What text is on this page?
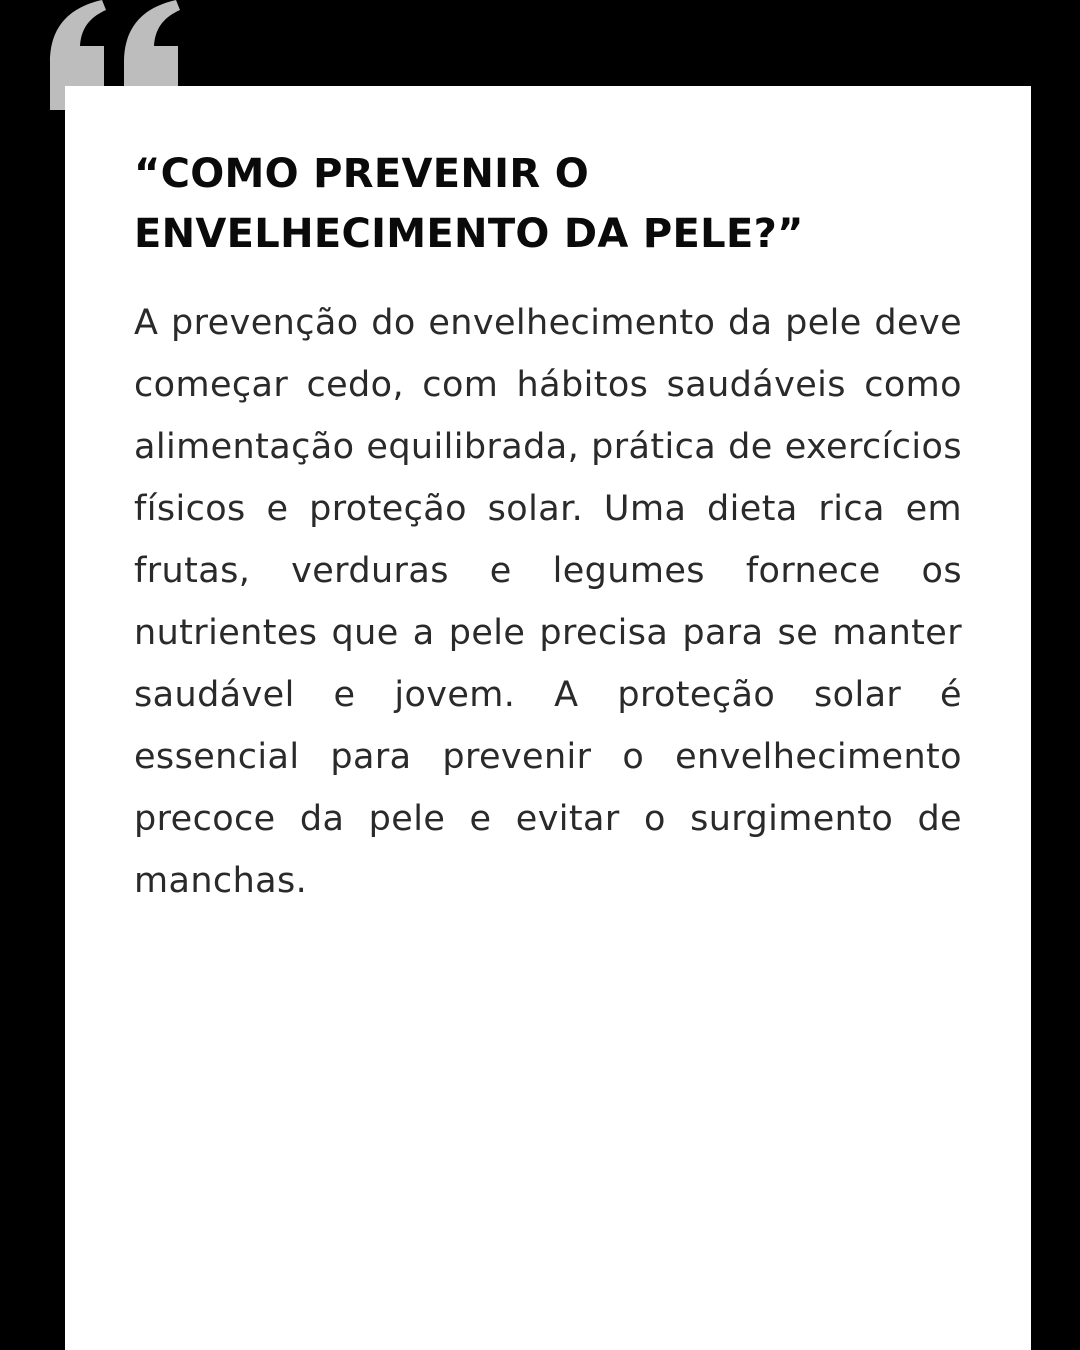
“COMO PREVENIR O
ENVELHECIMENTO DA PELE?”

A prevenção do envelhecimento da pele deve começar cedo, com hábitos saudáveis como alimentação equilibrada, prática de exercícios físicos e proteção solar. Uma dieta rica em frutas, verduras e legumes fornece os nutrientes que a pele precisa para se manter saudável e jovem. A proteção solar é essencial para prevenir o envelhecimento precoce da pele e evitar o surgimento de manchas.
